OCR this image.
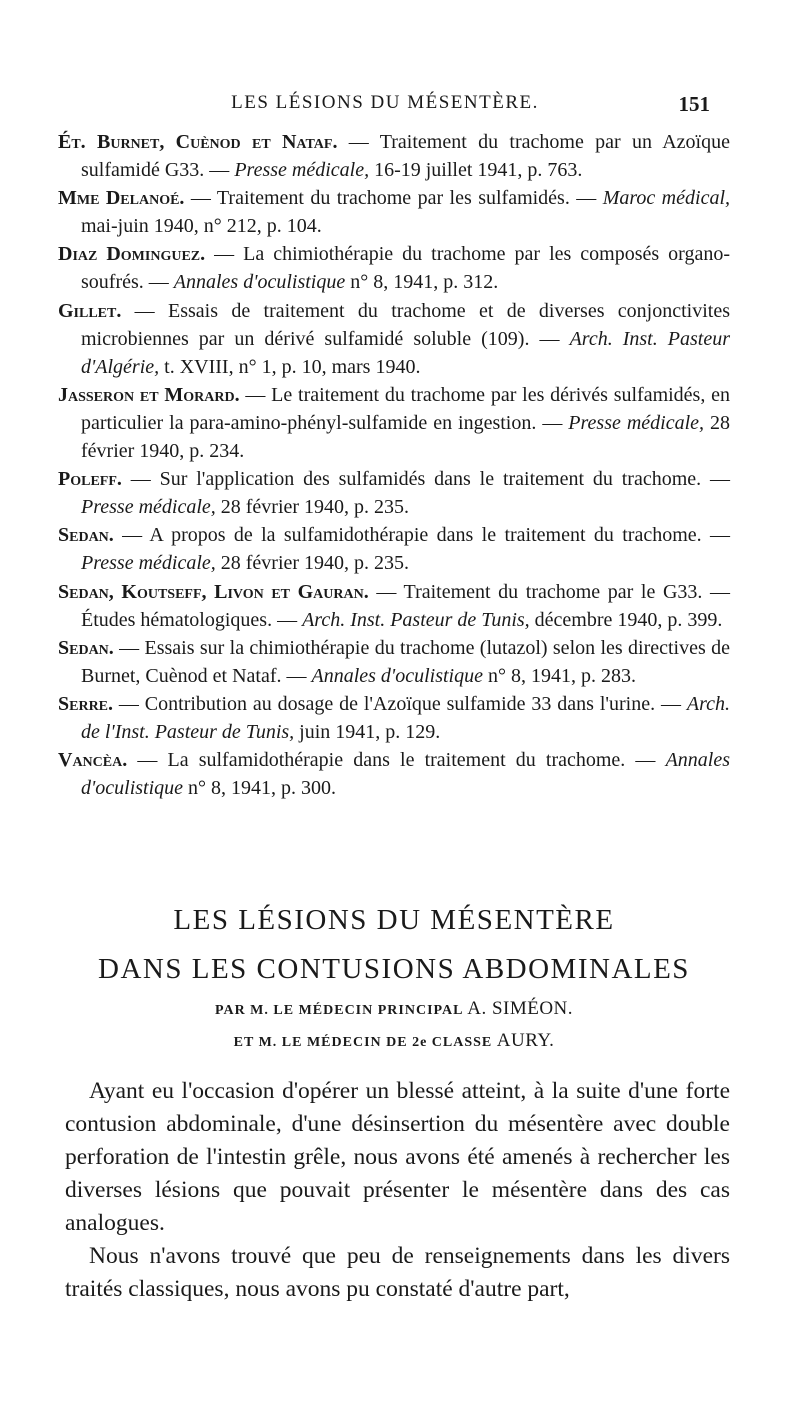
LES LÉSIONS DU MÉSENTÈRE.	151

Ét. Burnet, Cuènod et Nataf. — Traitement du trachome par un Azoïque sulfamidé G33. — Presse médicale, 16-19 juillet 1941, p. 763.

Mme Delanoé. — Traitement du trachome par les sulfamidés. — Maroc médical, mai-juin 1940, n° 212, p. 104.

Diaz Dominguez. — La chimiothérapie du trachome par les composés organo-soufrés. — Annales d'oculistique n° 8, 1941, p. 312.

Gillet. — Essais de traitement du trachome et de diverses conjonctivites microbiennes par un dérivé sulfamidé soluble (109). — Arch. Inst. Pasteur d'Algérie, t. XVIII, n° 1, p. 10, mars 1940.

Jasseron et Morard. — Le traitement du trachome par les dérivés sulfamidés, en particulier la para-amino-phényl-sulfamide en ingestion. — Presse médicale, 28 février 1940, p. 234.

Poleff. — Sur l'application des sulfamidés dans le traitement du trachome. — Presse médicale, 28 février 1940, p. 235.

Sedan. — A propos de la sulfamidothérapie dans le traitement du trachome. — Presse médicale, 28 février 1940, p. 235.

Sedan, Koutseff, Livon et Gauran. — Traitement du trachome par le G33. — Études hématologiques. — Arch. Inst. Pasteur de Tunis, décembre 1940, p. 399.

Sedan. — Essais sur la chimiothérapie du trachome (lutazol) selon les directives de Burnet, Cuènod et Nataf. — Annales d'oculistique n° 8, 1941, p. 283.

Serre. — Contribution au dosage de l'Azoïque sulfamide 33 dans l'urine. — Arch. de l'Inst. Pasteur de Tunis, juin 1941, p. 129.

Vancèa. — La sulfamidothérapie dans le traitement du trachome. — Annales d'oculistique n° 8, 1941, p. 300.

LES LÉSIONS DU MÉSENTÈRE
DANS LES CONTUSIONS ABDOMINALES

PAR M. LE MÉDECIN PRINCIPAL A. SIMÉON.

ET M. LE MÉDECIN DE 2e CLASSE AURY.

Ayant eu l'occasion d'opérer un blessé atteint, à la suite d'une forte contusion abdominale, d'une désinsertion du mésentère avec double perforation de l'intestin grêle, nous avons été amenés à rechercher les diverses lésions que pouvait présenter le mésentère dans des cas analogues.

Nous n'avons trouvé que peu de renseignements dans les divers traités classiques, nous avons pu constaté d'autre part,
